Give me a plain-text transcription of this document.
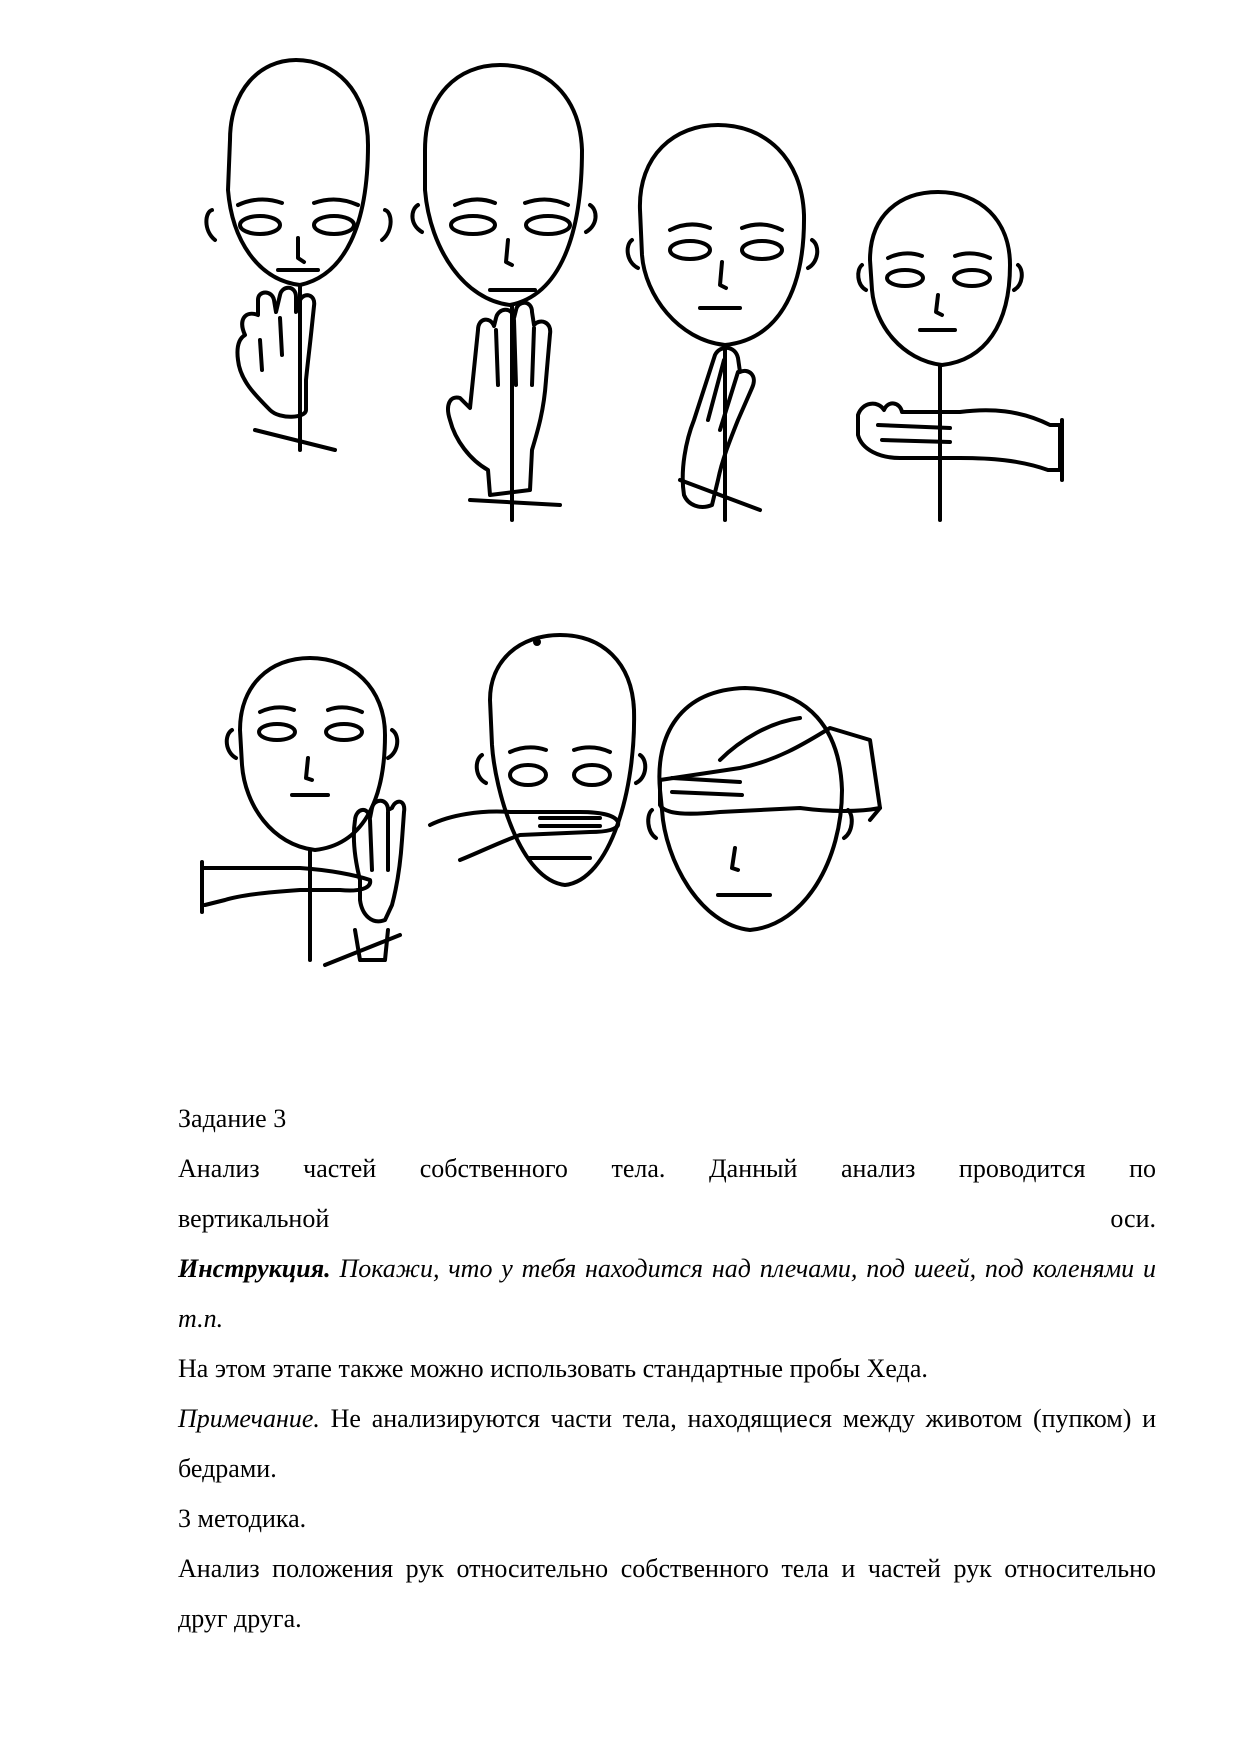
Задание 3

Анализ частей собственного тела. Данный анализ проводится по

вертикальной оси.

Инструкция. Покажи, что у тебя находится над плечами, под шеей, под коленями и т.п.

На этом этапе также можно использовать стандартные пробы Хеда.

Примечание. Не анализируются части тела, находящиеся между животом (пупком) и бедрами.

3 методика.

Анализ положения рук относительно собственного тела и частей рук относительно друг друга.
